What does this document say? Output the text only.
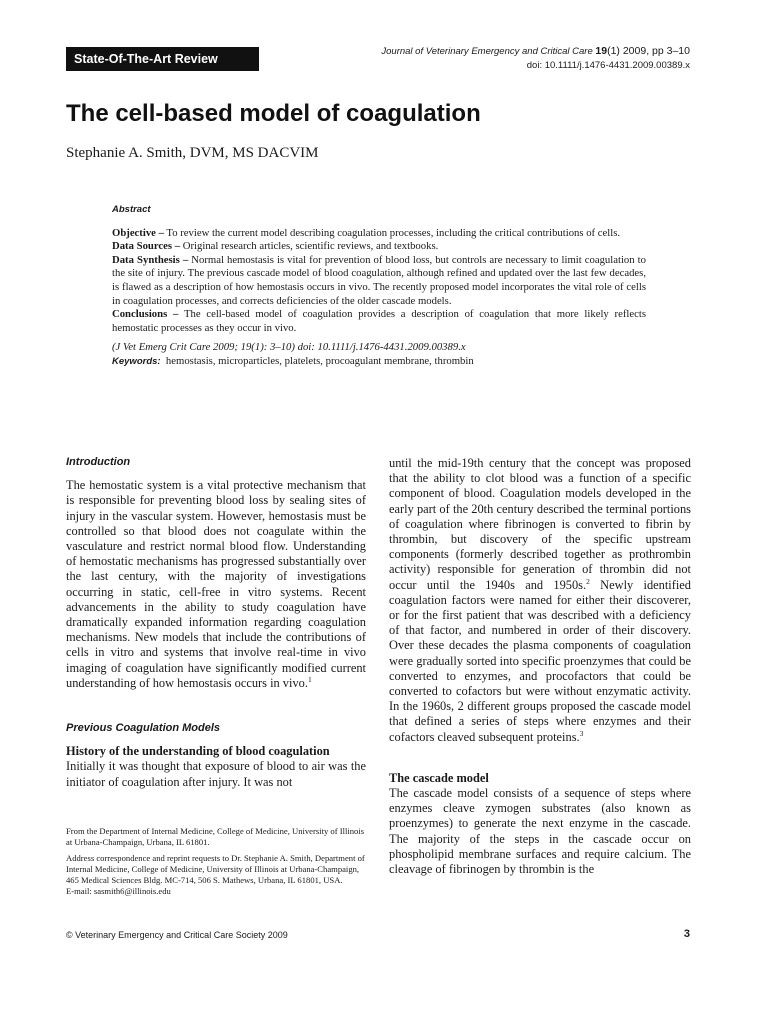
State-Of-The-Art Review
Journal of Veterinary Emergency and Critical Care 19(1) 2009, pp 3–10
doi: 10.1111/j.1476-4431.2009.00389.x
The cell-based model of coagulation
Stephanie A. Smith, DVM, MS DACVIM
Abstract

Objective – To review the current model describing coagulation processes, including the critical contributions of cells.

Data Sources – Original research articles, scientific reviews, and textbooks.

Data Synthesis – Normal hemostasis is vital for prevention of blood loss, but controls are necessary to limit coagulation to the site of injury. The previous cascade model of blood coagulation, although refined and updated over the last few decades, is flawed as a description of how hemostasis occurs in vivo. The recently proposed model incorporates the vital role of cells in coagulation processes, and corrects deficiencies of the older cascade models.

Conclusions – The cell-based model of coagulation provides a description of coagulation that more likely reflects hemostatic processes as they occur in vivo.

(J Vet Emerg Crit Care 2009; 19(1): 3–10) doi: 10.1111/j.1476-4431.2009.00389.x

Keywords: hemostasis, microparticles, platelets, procoagulant membrane, thrombin

Introduction

The hemostatic system is a vital protective mechanism that is responsible for preventing blood loss by sealing sites of injury in the vascular system. However, hemostasis must be controlled so that blood does not coagulate within the vasculature and restrict normal blood flow. Understanding of hemostatic mechanisms has progressed substantially over the last century, with the majority of investigations occurring in static, cell-free in vitro systems. Recent advancements in the ability to study coagulation have dramatically expanded information regarding coagulation mechanisms. New models that include the contributions of cells in vitro and systems that involve real-time in vivo imaging of coagulation have significantly modified current understanding of how hemostasis occurs in vivo.$^1$

Previous Coagulation Models
History of the understanding of blood coagulation

Initially it was thought that exposure of blood to air was the initiator of coagulation after injury. It was not

From the Department of Internal Medicine, College of Medicine, University of Illinois at Urbana-Champaign, Urbana, IL 61801.

Address correspondence and reprint requests to Dr. Stephanie A. Smith, Department of Internal Medicine, College of Medicine, University of Illinois at Urbana-Champaign, 465 Medical Sciences Bldg. MC-714, 506 S. Mathews, Urbana, IL 61801, USA.

E-mail: sasmith6@illinois.edu

until the mid-19th century that the concept was proposed that the ability to clot blood was a function of a specific component of blood. Coagulation models developed in the early part of the 20th century described the terminal portions of coagulation where fibrinogen is converted to fibrin by thrombin, but discovery of the specific upstream components (formerly described together as prothrombin activity) responsible for generation of thrombin did not occur until the 1940s and 1950s.$^2$ Newly identified coagulation factors were named for either their discoverer, or for the first patient that was described with a deficiency of that factor, and numbered in order of their discovery. Over these decades the plasma components of coagulation were gradually sorted into specific proenzymes that could be converted to enzymes, and procofactors that could be converted to cofactors but were without enzymatic activity. In the 1960s, 2 different groups proposed the cascade model that defined a series of steps where enzymes and their cofactors cleaved subsequent proteins.$^3$

The cascade model

The cascade model consists of a sequence of steps where enzymes cleave zymogen substrates (also known as proenzymes) to generate the next enzyme in the cascade. The majority of the steps in the cascade occur on phospholipid membrane surfaces and require calcium. The cleavage of fibrinogen by thrombin is the

© Veterinary Emergency and Critical Care Society 2009	3
